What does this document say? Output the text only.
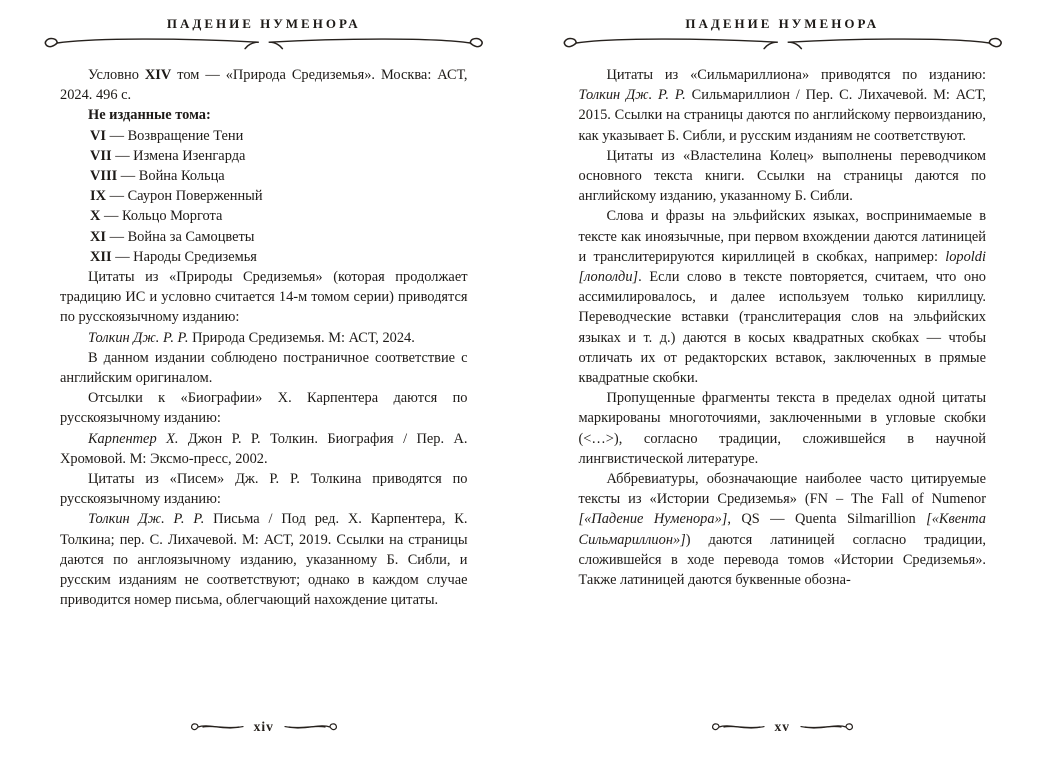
ПАДЕНИЕ НУМЕНОРА

Условно XIV том — «Природа Средиземья». Москва: АСТ, 2024. 496 с.

Не изданные тома:

VI — Возвращение Тени

VII — Измена Изенгарда

VIII — Война Кольца

IX — Саурон Поверженный

X — Кольцо Моргота

XI — Война за Самоцветы

XII — Народы Средиземья

Цитаты из «Природы Средиземья» (которая продолжает традицию ИС и условно считается 14-м томом серии) приводятся по русскоязычному изданию:

Толкин Дж. Р. Р. Природа Средиземья. М: АСТ, 2024.

В данном издании соблюдено постраничное соответствие с английским оригиналом.

Отсылки к «Биографии» Х. Карпентера даются по русскоязычному изданию:

Карпентер Х. Джон Р. Р. Толкин. Биография / Пер. А. Хромовой. М: Эксмо-пресс, 2002.

Цитаты из «Писем» Дж. Р. Р. Толкина приводятся по русскоязычному изданию:

Толкин Дж. Р. Р. Письма / Под ред. Х. Карпентера, К. Толкина; пер. С. Лихачевой. М: АСТ, 2019. Ссылки на страницы даются по англоязычному изданию, указанному Б. Сибли, и русским изданиям не соответствуют; однако в каждом случае приводится номер письма, облегчающий нахождение цитаты.

xiv
ПАДЕНИЕ НУМЕНОРА

Цитаты из «Сильмариллиона» приводятся по изданию: Толкин Дж. Р. Р. Сильмариллион / Пер. С. Лихачевой. М: АСТ, 2015. Ссылки на страницы даются по английскому первоизданию, как указывает Б. Сибли, и русским изданиям не соответствуют.

Цитаты из «Властелина Колец» выполнены переводчиком основного текста книги. Ссылки на страницы даются по английскому изданию, указанному Б. Сибли.

Слова и фразы на эльфийских языках, воспринимаемые в тексте как иноязычные, при первом вхождении даются латиницей и транслитерируются кириллицей в скобках, например: lopoldi [лополди]. Если слово в тексте повторяется, считаем, что оно ассимилировалось, и далее используем только кириллицу. Переводческие вставки (транслитерация слов на эльфийских языках и т. д.) даются в косых квадратных скобках — чтобы отличать их от редакторских вставок, заключенных в прямые квадратные скобки.

Пропущенные фрагменты текста в пределах одной цитаты маркированы многоточиями, заключенными в угловые скобки (<…>), согласно традиции, сложившейся в научной лингвистической литературе.

Аббревиатуры, обозначающие наиболее часто цитируемые тексты из «Истории Средиземья» (FN – The Fall of Numenor [«Падение Нуменора»], QS — Quenta Silmarillion [«Квента Сильмариллион»]) даются латиницей согласно традиции, сложившейся в ходе перевода томов «Истории Средиземья». Также латиницей даются буквенные обозна-

xv
